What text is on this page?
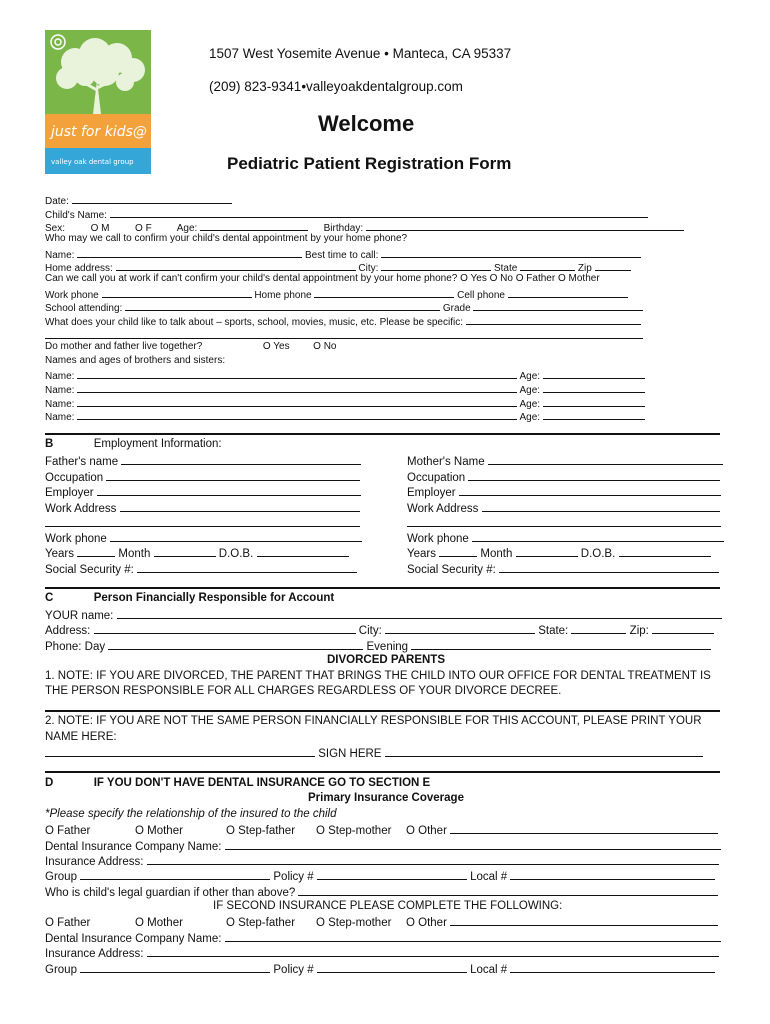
just for kids@
valley oak dental group
1507 West Yosemite Avenue • Manteca, CA 95337
(209) 823-9341•valleyoakdentalgroup.com
Welcome
Pediatric Patient Registration Form
Date:
Child's Name:
Sex:	O M	O F	Age:	Birthday:
Who may we call to confirm your child's dental appointment by your home phone?
Name:	Best time to call:
Home address:	City:	State	Zip
Can we call you at work if can't confirm your child's dental appointment by your home phone? O Yes O No O Father O Mother
Work phone	Home phone	Cell phone
School attending:	Grade
What does your child like to talk about – sports, school, movies, music, etc. Please be specific:
Do mother and father live together?	O Yes O No
Names and ages of brothers and sisters:
Name:	Age:
Name:	Age:
Name:	Age:
Name:	Age:
B	Employment Information:
Father's name	Mother's Name
Occupation	Occupation
Employer	Employer
Work Address	Work Address
Work phone	Work phone
Years	Month	D.O.B.	Years	Month	D.O.B.
Social Security #:	Social Security #:
C	Person Financially Responsible for Account
YOUR name:
Address:	City:	State:	Zip:
Phone: Day	Evening
DIVORCED PARENTS
1. NOTE: IF YOU ARE DIVORCED, THE PARENT THAT BRINGS THE CHILD INTO OUR OFFICE FOR DENTAL TREATMENT IS
THE PERSON RESPONSIBLE FOR ALL CHARGES REGARDLESS OF YOUR DIVORCE DECREE.
2. NOTE: IF YOU ARE NOT THE SAME PERSON FINANCIALLY RESPONSIBLE FOR THIS ACCOUNT, PLEASE PRINT YOUR
NAME HERE:
SIGN HERE
D	IF YOU DON'T HAVE DENTAL INSURANCE GO TO SECTION E
Primary Insurance Coverage
*Please specify the relationship of the insured to the child
O Father	O Mother	O Step-father O Step-mother O Other
Dental Insurance Company Name:
Insurance Address:
Group	Policy #	Local #
Who is child's legal guardian if other than above?
IF SECOND INSURANCE PLEASE COMPLETE THE FOLLOWING:
O Father	O Mother	O Step-father O Step-mother O Other
Dental Insurance Company Name:
Insurance Address:
Group	Policy #	Local #
